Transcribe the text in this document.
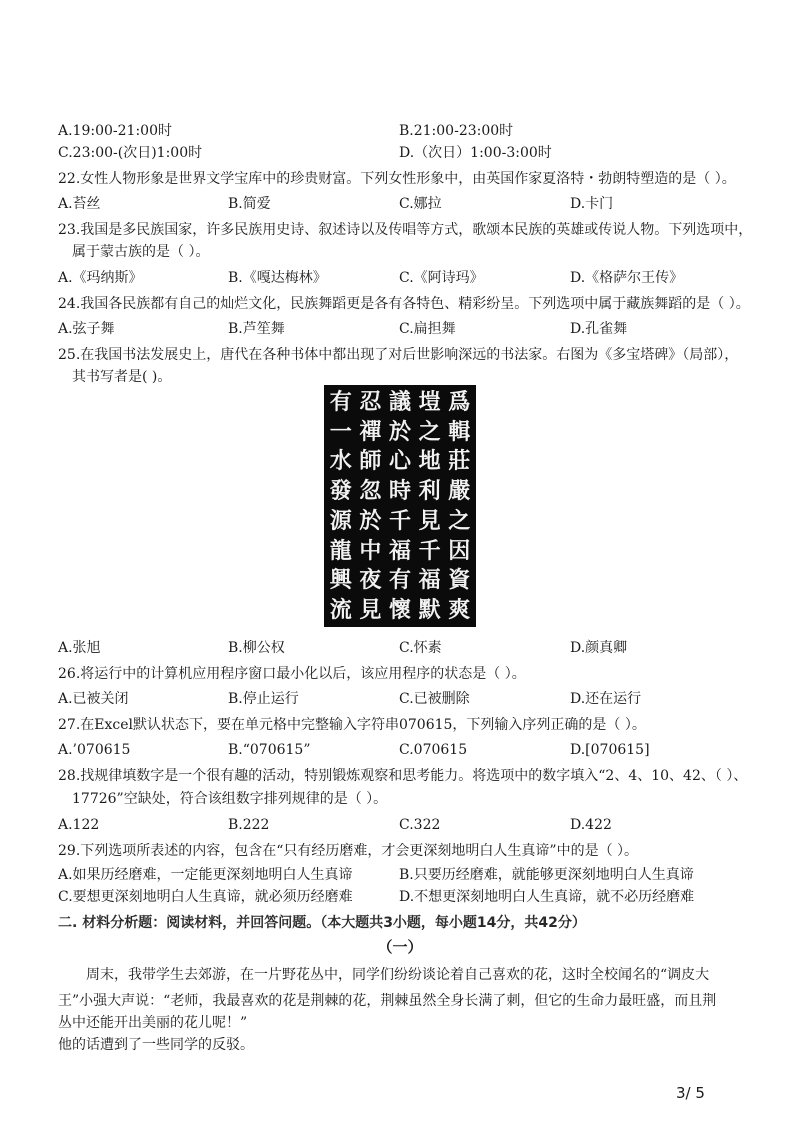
A.19:00-21:00时	B.21:00-23:00时
C.23:00-(次日)1:00时	D.（次日）1:00-3:00时
22.女性人物形象是世界文学宝库中的珍贵财富。下列女性形象中，由英国作家夏洛特・勃朗特塑造的是（ ）。
A.苔丝	B.简爱	C.娜拉	D.卡门
23.我国是多民族国家，许多民族用史诗、叙述诗以及传唱等方式，歌颂本民族的英雄或传说人物。下列选项中，
属于蒙古族的是（ ）。
A.《玛纳斯》	B.《嘎达梅林》	C.《阿诗玛》	D.《格萨尔王传》
24.我国各民族都有自己的灿烂文化，民族舞蹈更是各有各特色、精彩纷呈。下列选项中属于藏族舞蹈的是（ ）。
A.弦子舞	B.芦笙舞	C.扁担舞	D.孔雀舞
25.在我国书法发展史上，唐代在各种书体中都出现了对后世影响深远的书法家。右图为《多宝塔碑》（局部），
其书写者是( )。
有 忍 議 塏 爲
一 禪 於 之 輯
水 師 心 地 莊
發 忽 時 利 嚴
源 於 千 見 之
龍 中 福 千 因
興 夜 有 福 資
流 見 懷 默 爽
A.张旭	B.柳公权	C.怀素	D.颜真卿
26.将运行中的计算机应用程序窗口最小化以后，该应用程序的状态是（ ）。
A.已被关闭	B.停止运行	C.已被删除	D.还在运行
27.在Excel默认状态下，要在单元格中完整输入字符串070615，下列输入序列正确的是（ ）。
A.’070615	B.“070615”	C.070615	D.[070615]
28.找规律填数字是一个很有趣的活动，特别锻炼观察和思考能力。将选项中的数字填入“2、4、10、42、（ ）、
17726”空缺处，符合该组数字排列规律的是（ ）。
A.122	B.222	C.322	D.422
29.下列选项所表述的内容，包含在“只有经历磨难，才会更深刻地明白人生真谛”中的是（ ）。
A.如果历经磨难，一定能更深刻地明白人生真谛	B.只要历经磨难，就能够更深刻地明白人生真谛
C.要想更深刻地明白人生真谛，就必须历经磨难	D.不想更深刻地明白人生真谛，就不必历经磨难
二. 材料分析题：阅读材料，并回答问题。（本大题共3小题，每小题14分，共42分）
（一）
周末，我带学生去郊游，在一片野花丛中，同学们纷纷谈论着自己喜欢的花，这时全校闻名的“调皮大
王”小强大声说：“老师，我最喜欢的花是荆棘的花，荆棘虽然全身长满了刺，但它的生命力最旺盛，而且荆
丛中还能开出美丽的花儿呢！”
他的话遭到了一些同学的反驳。
3/ 5
